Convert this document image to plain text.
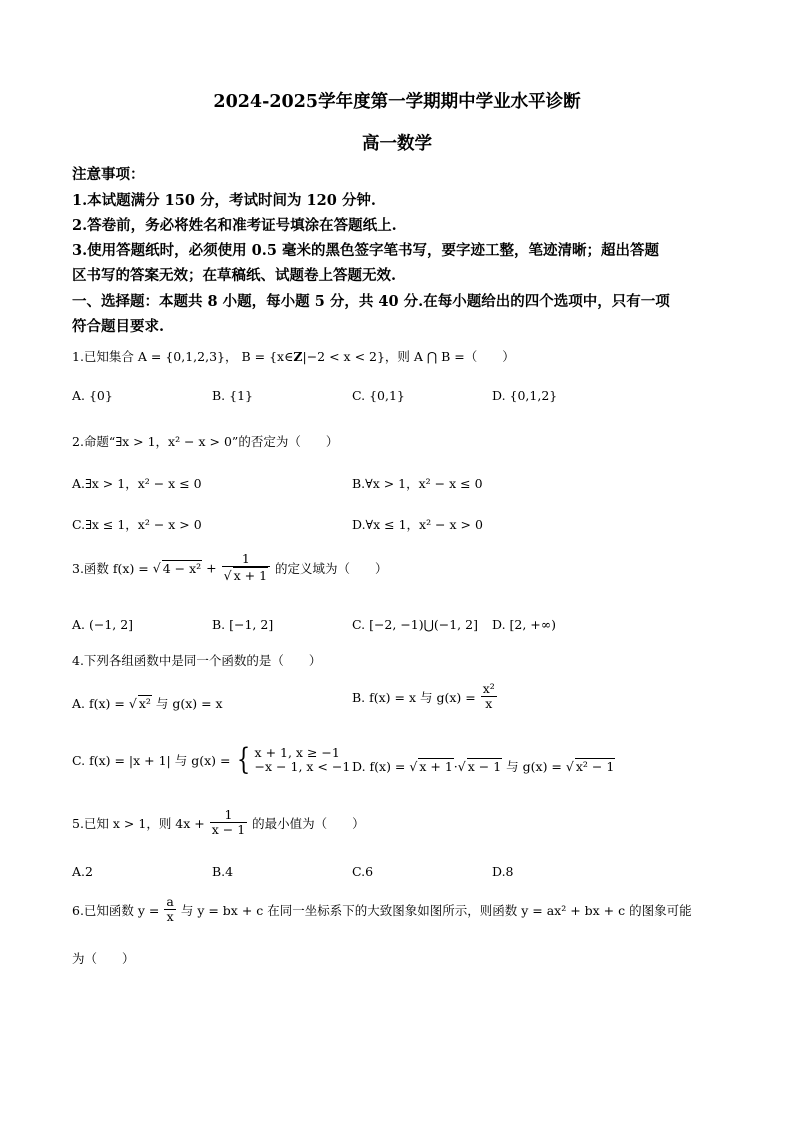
2024-2025学年度第一学期期中学业水平诊断
高一数学
注意事项：
1.本试题满分 150 分，考试时间为 120 分钟.
2.答卷前，务必将姓名和准考证号填涂在答题纸上.
3.使用答题纸时，必须使用 0.5 毫米的黑色签字笔书写，要字迹工整，笔迹清晰；超出答题
区书写的答案无效；在草稿纸、试题卷上答题无效.
一、选择题：本题共 8 小题，每小题 5 分，共 40 分.在每小题给出的四个选项中，只有一项
符合题目要求.
1.已知集合 A = {0,1,2,3}， B = {x∈Z|−2 < x < 2}，则 A ⋂ B =（　　）
A. {0}	B. {1}	C. {0,1}	D. {0,1,2}
2.命题“∃x > 1，x² − x > 0”的否定为（　　）
A.∃x > 1，x² − x ≤ 0	B.∀x > 1，x² − x ≤ 0
C.∃x ≤ 1，x² − x > 0	D.∀x ≤ 1，x² − x > 0
3.函数 f(x) = √ $4 - x^2 + \frac{1}{√ x + 1}$ 的定义域为（　　）
A. (−1, 2]	B. [−1, 2]	C. [−2, −1)⋃(−1, 2] D. [2, +∞)
4.下列各组函数中是同一个函数的是（　　）
A. f(x) = √ x² 与 g(x) = x	B. f(x) = x 与 $g(x) = \frac{\text{x²}}{x}$
C. f(x) = |x + 1| 与 g(x) = { x + 1, x ≥ −1
−x − 1, x < −1 D. f(x) = √ x + 1·√ x − 1 与 g(x) = √ x² − 1
5.已知 x > 1，则 $4x + \frac{1}{x - 1}$ 的最小值为（　　）
A.2	B.4	C.6	D.8
6.已知函数 $y = \frac{a}{x}$ 与 y = bx + c 在同一坐标系下的大致图象如图所示，则函数 y = ax² + bx + c 的图象可能
为（　　）
